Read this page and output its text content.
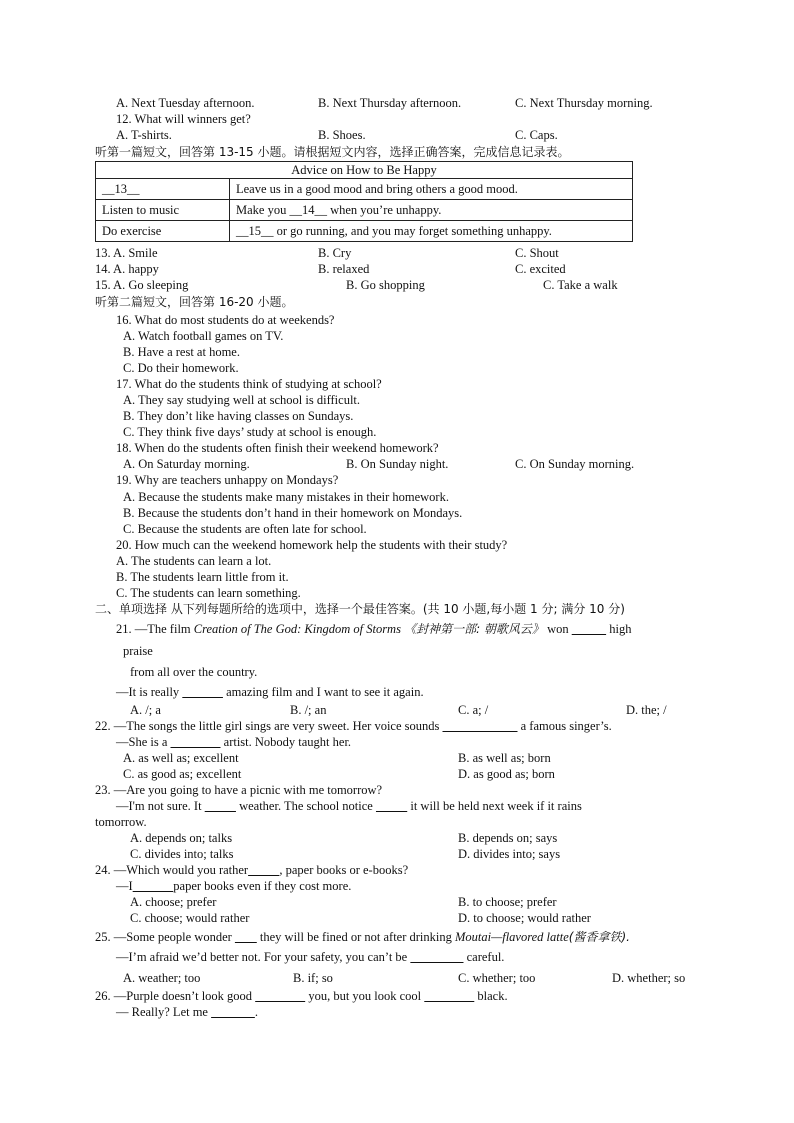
A. Next Tuesday afternoon.	B. Next Thursday afternoon.	C. Next Thursday morning.
12. What will winners get?
A. T-shirts.	B. Shoes.	C. Caps.
听第一篇短文，回答第 13-15 小题。请根据短文内容，选择正确答案，完成信息记录表。
Advice on How to Be Happy	
__13__	Leave us in a good mood and bring others a good mood.
Listen to music	Make you __14__ when you’re unhappy.
Do exercise	__15__ or go running, and you may forget something unhappy.
13. A. Smile	B. Cry	C. Shout
14. A. happy	B. relaxed	C. excited
15. A. Go sleeping	B. Go shopping	C. Take a walk
听第二篇短文，回答第 16-20 小题。
16. What do most students do at weekends?
A. Watch football games on TV.
B. Have a rest at home.
C. Do their homework.
17. What do the students think of studying at school?
A. They say studying well at school is difficult.
B. They don’t like having classes on Sundays.
C. They think five days’ study at school is enough.
18. When do the students often finish their weekend homework?
A. On Saturday morning.	B. On Sunday night.	C. On Sunday morning.
19. Why are teachers unhappy on Mondays?
A. Because the students make many mistakes in their homework.
B. Because the students don’t hand in their homework on Mondays.
C. Because the students are often late for school.
20. How much can the weekend homework help the students with their study?
A. The students can learn a lot.
B. The students learn little from it.
C. The students can learn something.
二、单项选择 从下列每题所给的选项中，选择一个最佳答案。(共 10 小题,每小题 1 分; 满分 10 分)
21. —The film Creation of The God: Kingdom of Storms 《封神第一部: 朝歌风云》 won	high
praise
from all over the country.
—It is really	amazing film and I want to see it again.
A. /; a	B. /; an	C. a; /	D. the; /
22. —The songs the little girl sings are very sweet. Her voice sounds	a famous singer’s.
—She is a	artist. Nobody taught her.
A. as well as; excellent	B. as well as; born
C. as good as; excellent	D. as good as; born
23. —Are you going to have a picnic with me tomorrow?
—I'm not sure. It	weather. The school notice	it will be held next week if it rains
tomorrow.
A. depends on; talks	B. depends on; says
C. divides into; talks	D. divides into; says
24. —Which would you rather	, paper books or e-books?
—I	paper books even if they cost more.
A. choose; prefer	B. to choose; prefer
C. choose; would rather	D. to choose; would rather
25. —Some people wonder they will be fined or not after drinking Moutai—flavored latte(酱香拿铁).
—I’m afraid we’d better not. For your safety, you can’t be	careful.
A. weather; too	B. if; so	C. whether; too	D. whether; so
26. —Purple doesn’t look good	you, but you look cool	black.
— Really? Let me	.
